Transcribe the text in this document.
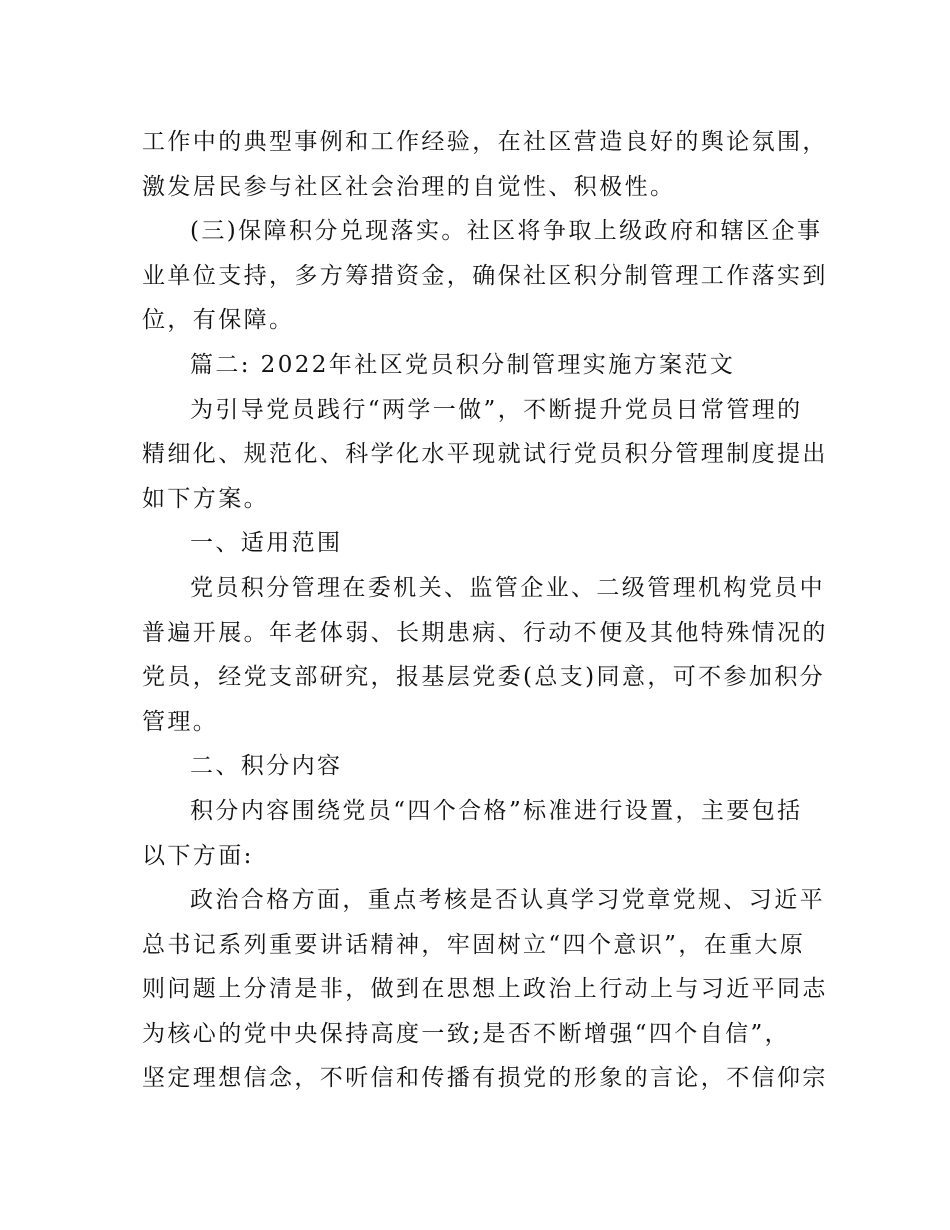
工作中的典型事例和工作经验，在社区营造良好的舆论氛围，
激发居民参与社区社会治理的自觉性、积极性。
(三)保障积分兑现落实。社区将争取上级政府和辖区企事
业单位支持，多方筹措资金，确保社区积分制管理工作落实到
位，有保障。
篇二: 2022年社区党员积分制管理实施方案范文
为引导党员践行“两学一做”，不断提升党员日常管理的
精细化、规范化、科学化水平现就试行党员积分管理制度提出
如下方案。
一、适用范围
党员积分管理在委机关、监管企业、二级管理机构党员中
普遍开展。年老体弱、长期患病、行动不便及其他特殊情况的
党员，经党支部研究，报基层党委(总支)同意，可不参加积分
管理。
二、积分内容
积分内容围绕党员“四个合格”标准进行设置，主要包括
以下方面:
政治合格方面，重点考核是否认真学习党章党规、习近平
总书记系列重要讲话精神，牢固树立“四个意识”，在重大原
则问题上分清是非，做到在思想上政治上行动上与习近平同志
为核心的党中央保持高度一致;是否不断增强“四个自信”，
坚定理想信念，不听信和传播有损党的形象的言论，不信仰宗
